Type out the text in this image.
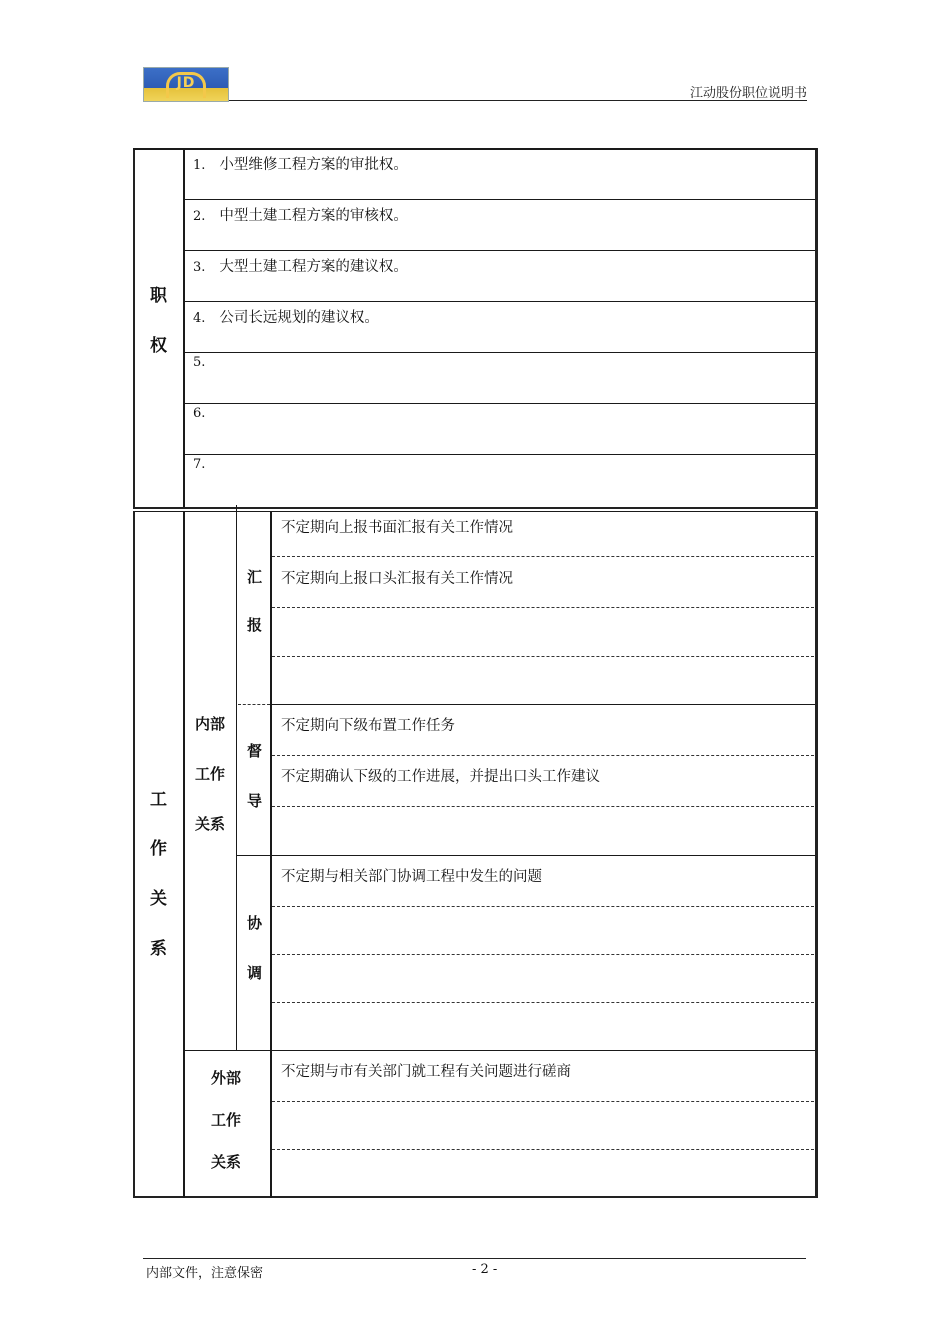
JD
江动股份职位说明书
职
权
1. 小型维修工程方案的审批权。
2. 中型土建工程方案的审核权。
3. 大型土建工程方案的建议权。
4. 公司长远规划的建议权。
5.
6.
7.
工
作
关
系
内部
工作
关系
汇
报
督
导
协
调
外部
工作
关系
不定期向上报书面汇报有关工作情况
不定期向上报口头汇报有关工作情况
不定期向下级布置工作任务
不定期确认下级的工作进展，并提出口头工作建议
不定期与相关部门协调工程中发生的问题
不定期与市有关部门就工程有关问题进行磋商
内部文件，注意保密	- 2 -
